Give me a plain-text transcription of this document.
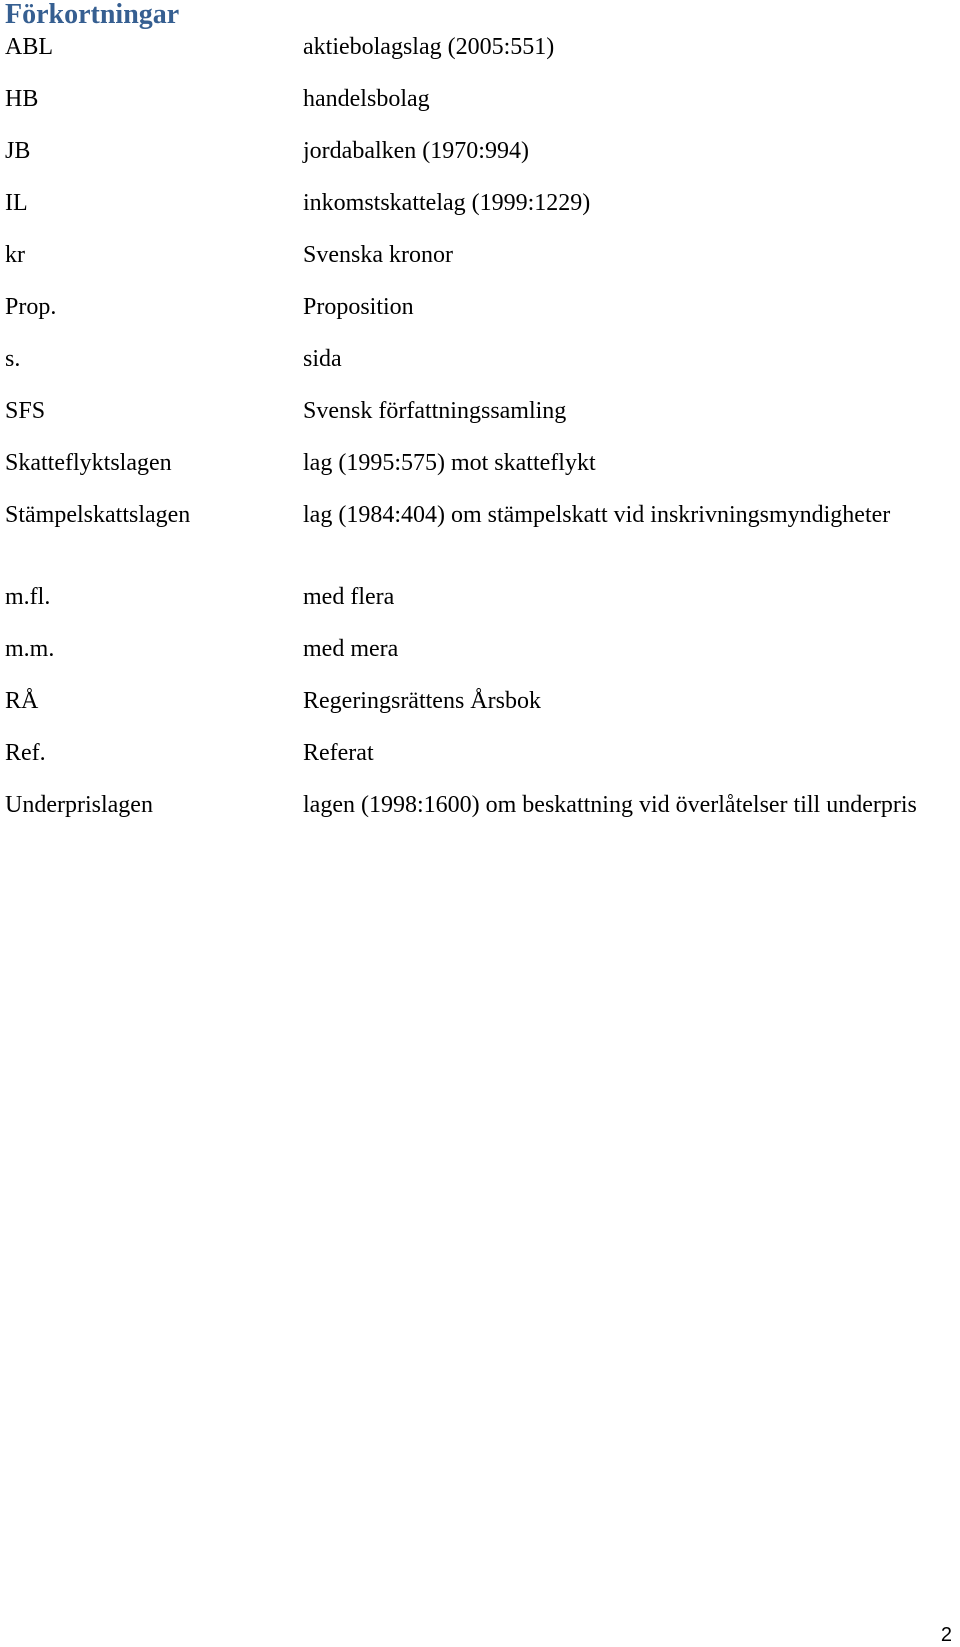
Förkortningar
ABL	aktiebolagslag (2005:551)
HB	handelsbolag
JB	jordabalken (1970:994)
IL	inkomstskattelag (1999:1229)
kr	Svenska kronor
Prop.	Proposition
s.	sida
SFS	Svensk författningssamling
Skatteflyktslagen	lag (1995:575) mot skatteflykt
Stämpelskattslagen	lag (1984:404) om stämpelskatt vid inskrivningsmyndigheter
m.fl.	med flera
m.m.	med mera
RÅ	Regeringsrättens Årsbok
Ref.	Referat
Underprislagen	lagen (1998:1600) om beskattning vid överlåtelser till underpris
2
